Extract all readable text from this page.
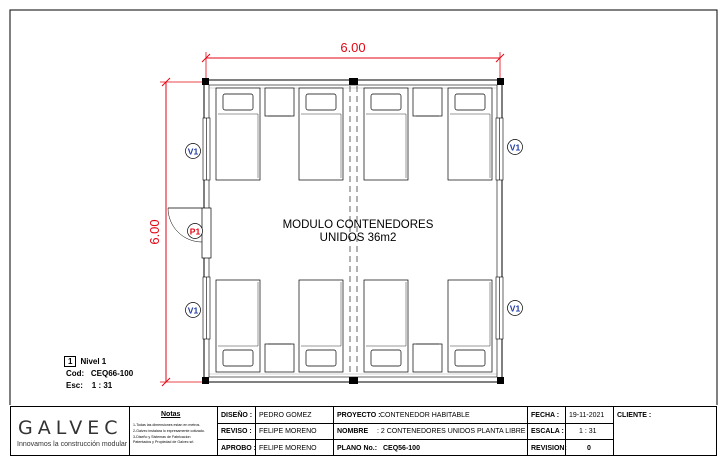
6.00
6.00	MODULO CONTENEDORES
UNIDOS 36m2
V1
V1
V1
V1
P1
1 Nivel 1
Cod: CEQ66-100
Esc: 1 : 31
GALVEC
Innovamos la construcción modular
Notas
1-Todas las dimensiones estan en metros.
2-Galvec instalara lo expresamente cotizado.
3-Diseño y Sistemas de Fabricacion
Patentados y Propiedad de Galvec srl.
DISEÑO : PEDRO GOMEZ
REVISO : FELIPE MORENO
APROBO : FELIPE MORENO
PROYECTO : CONTENEDOR HABITABLE
NOMBRE : 2 CONTENEDORES UNIDOS PLANTA LIBRE
PLANO No.: CEQ56-100
FECHA :
ESCALA :
REVISION:
19-11-2021
1 : 31
0
CLIENTE :
